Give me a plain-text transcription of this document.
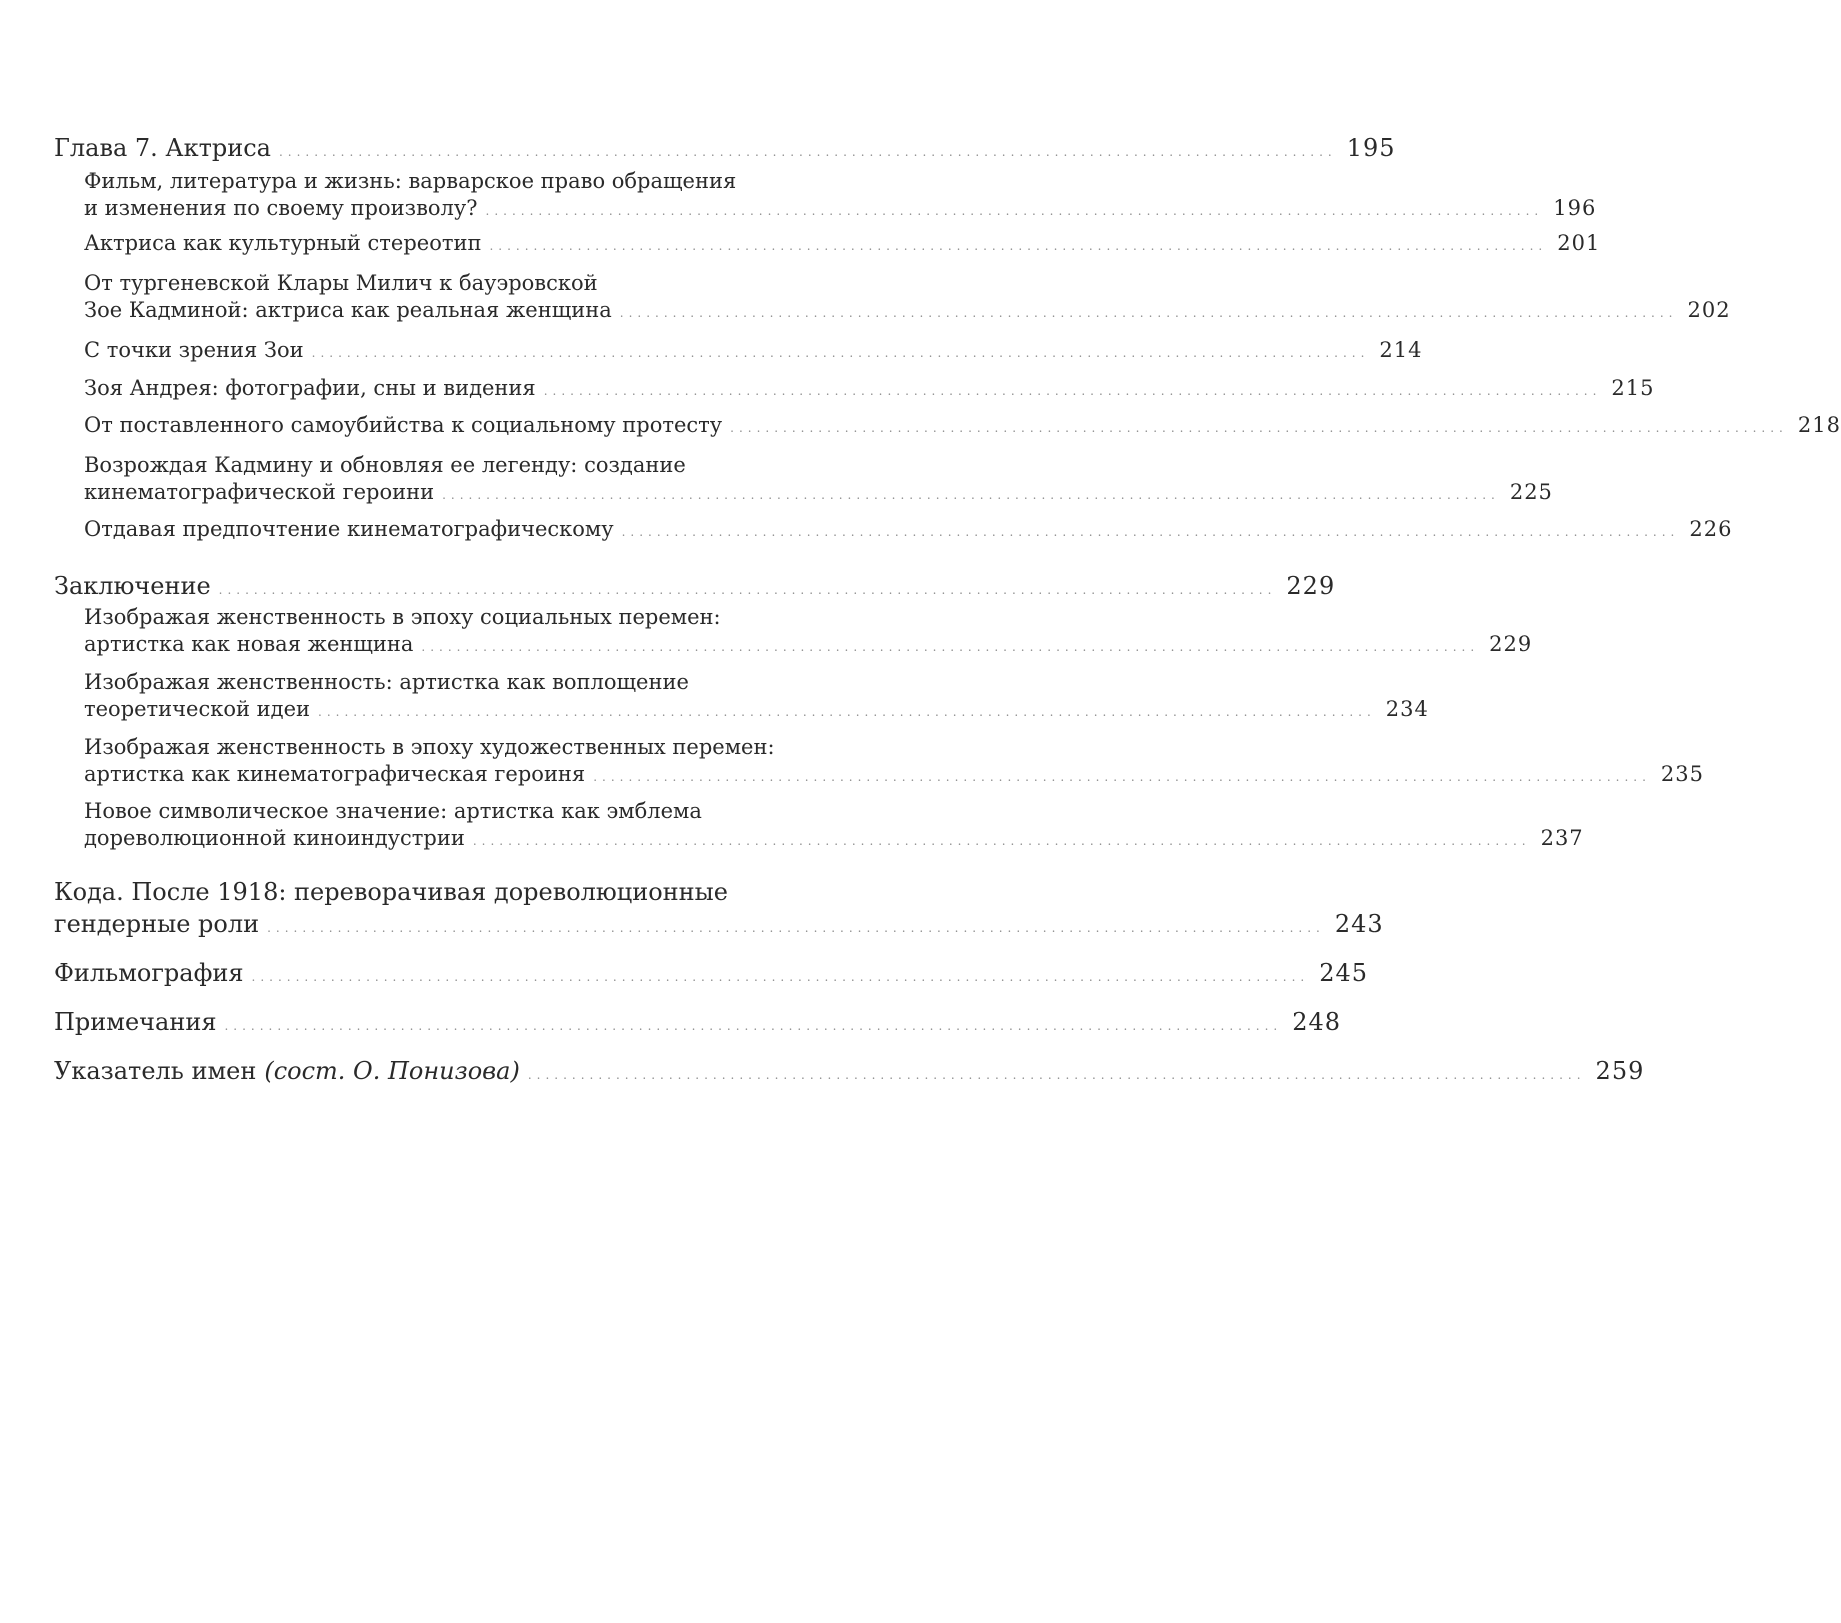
Глава 7. Актриса ........................................................................................................................ 195
Фильм, литература и жизнь: варварское право обращения
и изменения по своему произволу? ........................................................................................................................ 196
Актриса как культурный стереотип ........................................................................................................................ 201
От тургеневской Клары Милич к бауэровской
Зое Кадминой: актриса как реальная женщина ........................................................................................................................ 202
С точки зрения Зои ........................................................................................................................ 214
Зоя Андрея: фотографии, сны и видения ........................................................................................................................ 215
От поставленного самоубийства к социальному протесту ........................................................................................................................ 218
Возрождая Кадмину и обновляя ее легенду: создание
кинематографической героини ........................................................................................................................ 225
Отдавая предпочтение кинематографическому ........................................................................................................................ 226
Заключение ........................................................................................................................ 229
Изображая женственность в эпоху социальных перемен:
артистка как новая женщина ........................................................................................................................ 229
Изображая женственность: артистка как воплощение
теоретической идеи ........................................................................................................................ 234
Изображая женственность в эпоху художественных перемен:
артистка как кинематографическая героиня ........................................................................................................................ 235
Новое символическое значение: артистка как эмблема
дореволюционной киноиндустрии ........................................................................................................................ 237
Кода. После 1918: переворачивая дореволюционные
гендерные роли ........................................................................................................................ 243
Фильмография ........................................................................................................................ 245
Примечания ........................................................................................................................ 248
Указатель имен (сост. О. Понизова) ........................................................................................................................ 259
